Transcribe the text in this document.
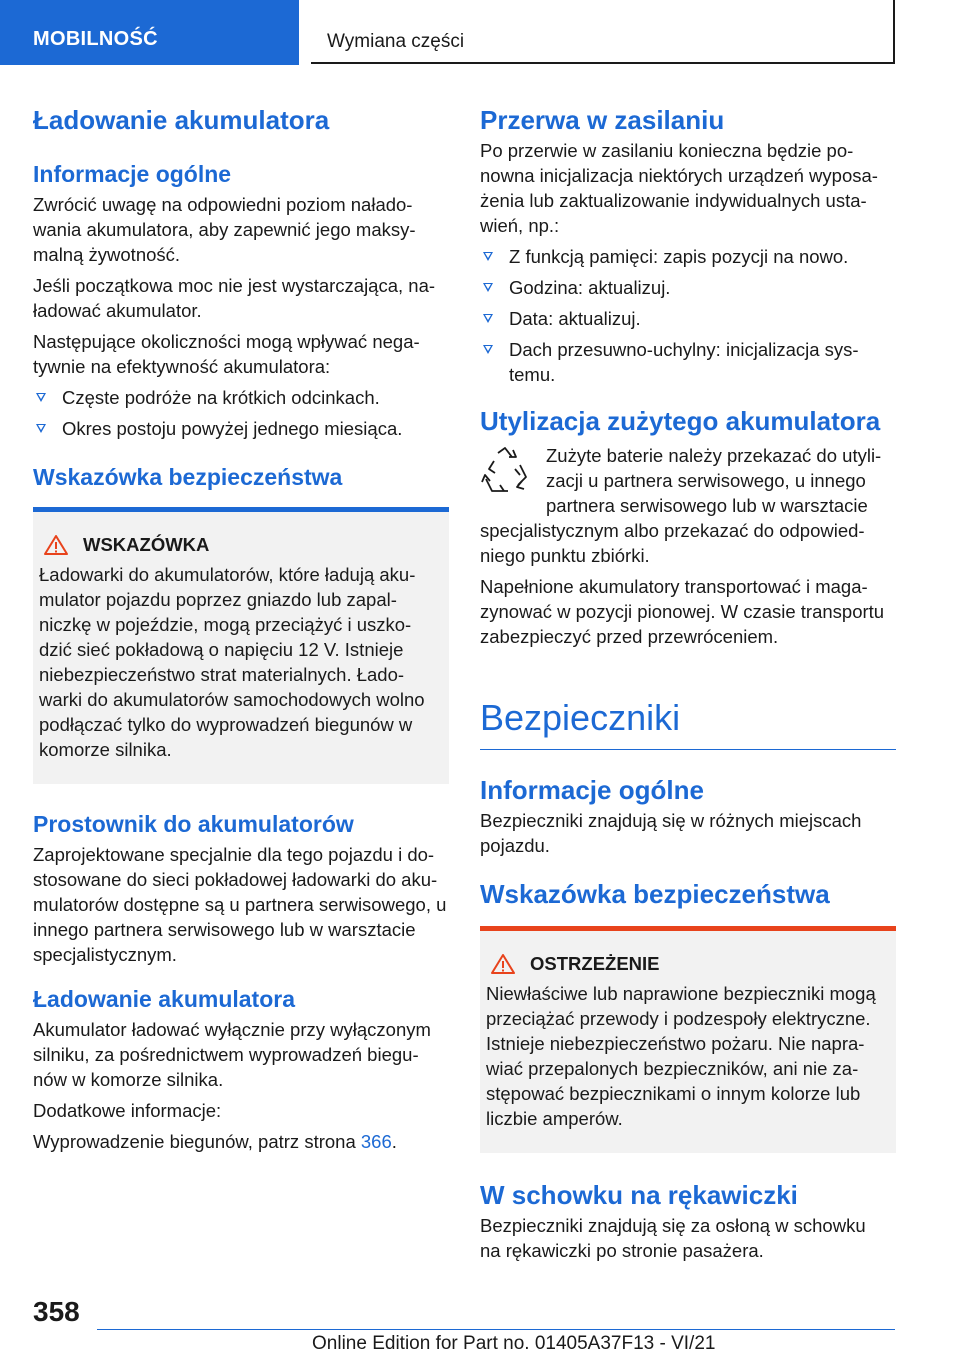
MOBILNOŚĆ	Wymiana części
Ładowanie akumulatora
Informacje ogólne

Zwrócić uwagę na odpowiedni poziom nałado- wania akumulatora, aby zapewnić jego maksy- malną żywotność.

Jeśli początkowa moc nie jest wystarczająca, na- ładować akumulator.

Następujące okoliczności mogą wpływać nega- tywnie na efektywność akumulatora:

Częste podróże na krótkich odcinkach.
Okres postoju powyżej jednego miesiąca.
Wskazówka bezpieczeństwa
WSKAZÓWKA

Ładowarki do akumulatorów, które ładują aku- mulator pojazdu poprzez gniazdo lub zapal- niczkę w pojeździe, mogą przeciążyć i uszko- dzić sieć pokładową o napięciu 12 V. Istnieje niebezpieczeństwo strat materialnych. Łado- warki do akumulatorów samochodowych wolno podłączać tylko do wyprowadzeń biegunów w komorze silnika.

Prostownik do akumulatorów

Zaprojektowane specjalnie dla tego pojazdu i do- stosowane do sieci pokładowej ładowarki do aku- mulatorów dostępne są u partnera serwisowego, u innego partnera serwisowego lub w warsztacie specjalistycznym.

Ładowanie akumulatora

Akumulator ładować wyłącznie przy wyłączonym silniku, za pośrednictwem wyprowadzeń biegu- nów w komorze silnika.

Dodatkowe informacje:

Wyprowadzenie biegunów, patrz strona 366.

Przerwa w zasilaniu

Po przerwie w zasilaniu konieczna będzie po- nowna inicjalizacja niektórych urządzeń wyposa- żenia lub zaktualizowanie indywidualnych usta- wień, np.:

Z funkcją pamięci: zapis pozycji na nowo.
Godzina: aktualizuj.
Data: aktualizuj.
Dach przesuwno-uchylny: inicjalizacja sys- temu.
Utylizacja zużytego akumulatora

Zużyte baterie należy przekazać do utyli- zacji u partnera serwisowego, u innego partnera serwisowego lub w warsztacie

specjalistycznym albo przekazać do odpowied- niego punktu zbiórki.

Napełnione akumulatory transportować i maga- zynować w pozycji pionowej. W czasie transportu zabezpieczyć przed przewróceniem.

Bezpieczniki
Informacje ogólne

Bezpieczniki znajdują się w różnych miejscach pojazdu.

Wskazówka bezpieczeństwa
OSTRZEŻENIE

Niewłaściwe lub naprawione bezpieczniki mogą przeciążać przewody i podzespoły elektryczne. Istnieje niebezpieczeństwo pożaru. Nie napra- wiać przepalonych bezpieczników, ani nie za- stępować bezpiecznikami o innym kolorze lub liczbie amperów.

W schowku na rękawiczki

Bezpieczniki znajdują się za osłoną w schowku na rękawiczki po stronie pasażera.

358
Online Edition for Part no. 01405A37F13 - VI/21
